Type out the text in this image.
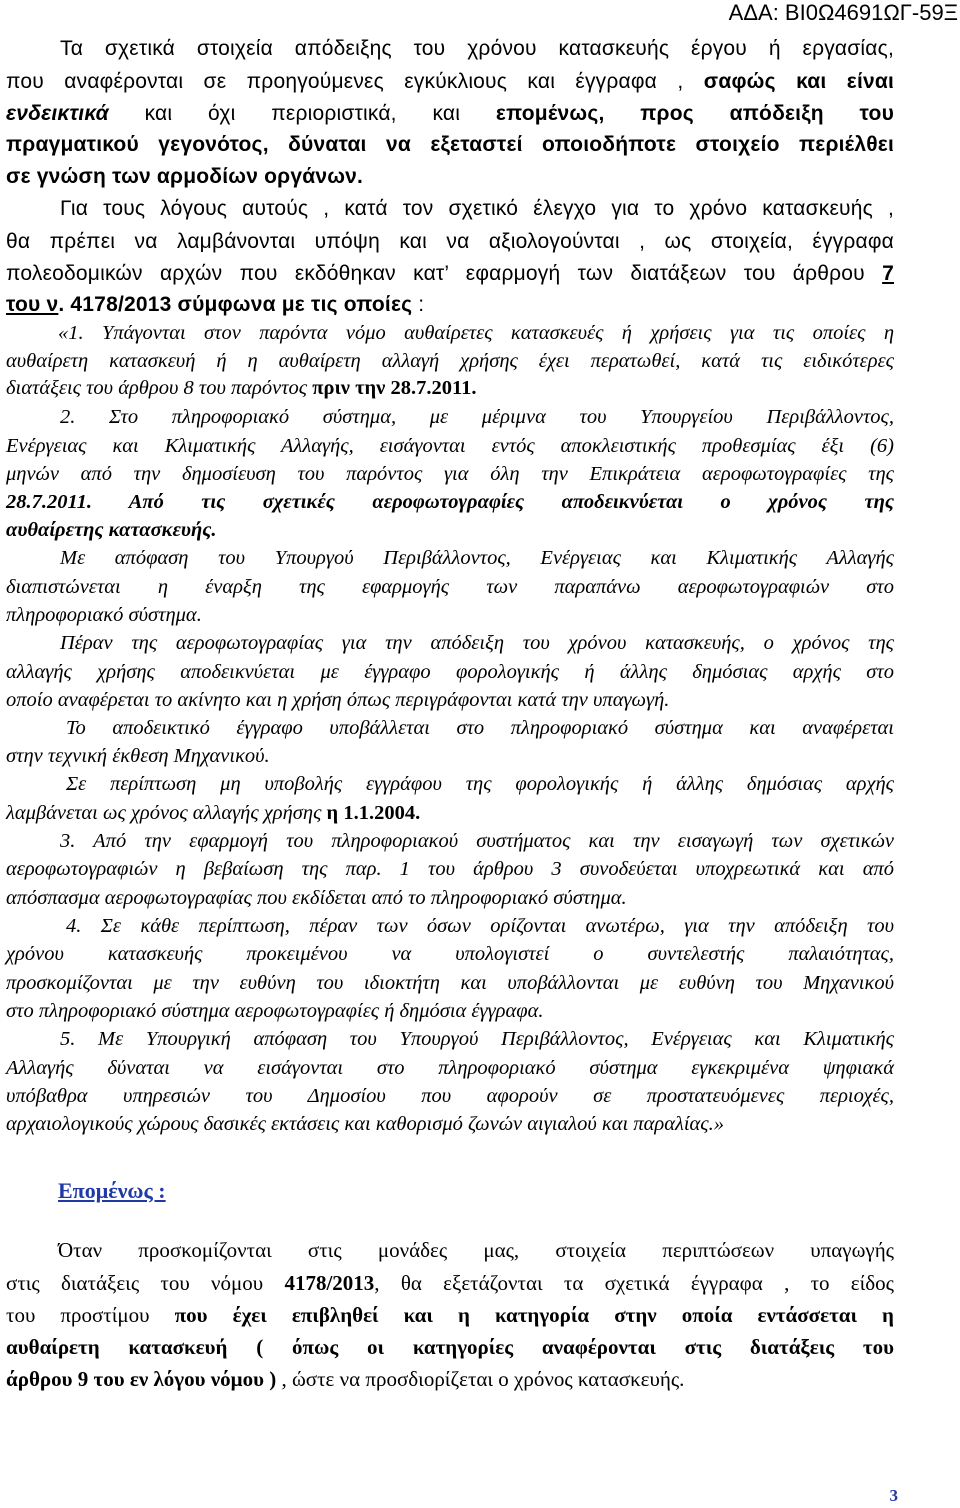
ΑΔΑ: ΒΙ0Ω4691ΩΓ-59Ξ
Τα σχετικά στοιχεία απόδειξης του χρόνου κατασκευής έργου ή εργασίας,
που αναφέρονται σε προηγούμενες εγκύκλιους και έγγραφα , σαφώς και είναι
ενδεικτικά και όχι περιοριστικά, και επομένως, προς απόδειξη του
πραγματικού γεγονότος, δύναται να εξεταστεί οποιοδήποτε στοιχείο περιέλθει
σε γνώση των αρμοδίων οργάνων.
Για τους λόγους αυτούς , κατά τον σχετικό έλεγχο για το χρόνο κατασκευής ,
θα πρέπει να λαμβάνονται υπόψη και να αξιολογούνται , ως στοιχεία, έγγραφα
πολεοδομικών αρχών που εκδόθηκαν κατ’ εφαρμογή των διατάξεων του άρθρου 7
του ν. 4178/2013 σύμφωνα με τις οποίες :
«1. Υπάγονται στον παρόντα νόμο αυθαίρετες κατασκευές ή χρήσεις για τις οποίες η
αυθαίρετη κατασκευή ή η αυθαίρετη αλλαγή χρήσης έχει περατωθεί, κατά τις ειδικότερες
διατάξεις του άρθρου 8 του παρόντος πριν την 28.7.2011.
2. Στο πληροφοριακό σύστημα, με μέριμνα του Υπουργείου Περιβάλλοντος,
Ενέργειας και Κλιματικής Αλλαγής, εισάγονται εντός αποκλειστικής προθεσμίας έξι (6)
μηνών από την δημοσίευση του παρόντος για όλη την Επικράτεια αεροφωτογραφίες της
28.7.2011. Από τις σχετικές αεροφωτογραφίες αποδεικνύεται ο χρόνος της
αυθαίρετης κατασκευής.
Με απόφαση του Υπουργού Περιβάλλοντος, Ενέργειας και Κλιματικής Αλλαγής
διαπιστώνεται η έναρξη της εφαρμογής των παραπάνω αεροφωτογραφιών στο
πληροφοριακό σύστημα.
Πέραν της αεροφωτογραφίας για την απόδειξη του χρόνου κατασκευής, ο χρόνος της
αλλαγής χρήσης αποδεικνύεται με έγγραφο φορολογικής ή άλλης δημόσιας αρχής στο
οποίο αναφέρεται το ακίνητο και η χρήση όπως περιγράφονται κατά την υπαγωγή.
Το αποδεικτικό έγγραφο υποβάλλεται στο πληροφοριακό σύστημα και αναφέρεται
στην τεχνική έκθεση Μηχανικού.
Σε περίπτωση μη υποβολής εγγράφου της φορολογικής ή άλλης δημόσιας αρχής
λαμβάνεται ως χρόνος αλλαγής χρήσης η 1.1.2004.
3. Από την εφαρμογή του πληροφοριακού συστήματος και την εισαγωγή των σχετικών
αεροφωτογραφιών η βεβαίωση της παρ. 1 του άρθρου 3 συνοδεύεται υποχρεωτικά και από
απόσπασμα αεροφωτογραφίας που εκδίδεται από το πληροφοριακό σύστημα.
4. Σε κάθε περίπτωση, πέραν των όσων ορίζονται ανωτέρω, για την απόδειξη του
χρόνου κατασκευής προκειμένου να υπολογιστεί ο συντελεστής παλαιότητας,
προσκομίζονται με την ευθύνη του ιδιοκτήτη και υποβάλλονται με ευθύνη του Μηχανικού
στο πληροφοριακό σύστημα αεροφωτογραφίες ή δημόσια έγγραφα.
5. Με Υπουργική απόφαση του Υπουργού Περιβάλλοντος, Ενέργειας και Κλιματικής
Αλλαγής δύναται να εισάγονται στο πληροφοριακό σύστημα εγκεκριμένα ψηφιακά
υπόβαθρα υπηρεσιών του Δημοσίου που αφορούν σε προστατευόμενες περιοχές,
αρχαιολογικούς χώρους δασικές εκτάσεις και καθορισμό ζωνών αιγιαλού και παραλίας.»
Επομένως :
Όταν προσκομίζονται στις μονάδες μας, στοιχεία περιπτώσεων υπαγωγής
στις διατάξεις του νόμου 4178/2013, θα εξετάζονται τα σχετικά έγγραφα , το είδος
του προστίμου που έχει επιβληθεί και η κατηγορία στην οποία εντάσσεται η
αυθαίρετη κατασκευή ( όπως οι κατηγορίες αναφέρονται στις διατάξεις του
άρθρου 9 του εν λόγου νόμου ) , ώστε να προσδιορίζεται ο χρόνος κατασκευής.
3
